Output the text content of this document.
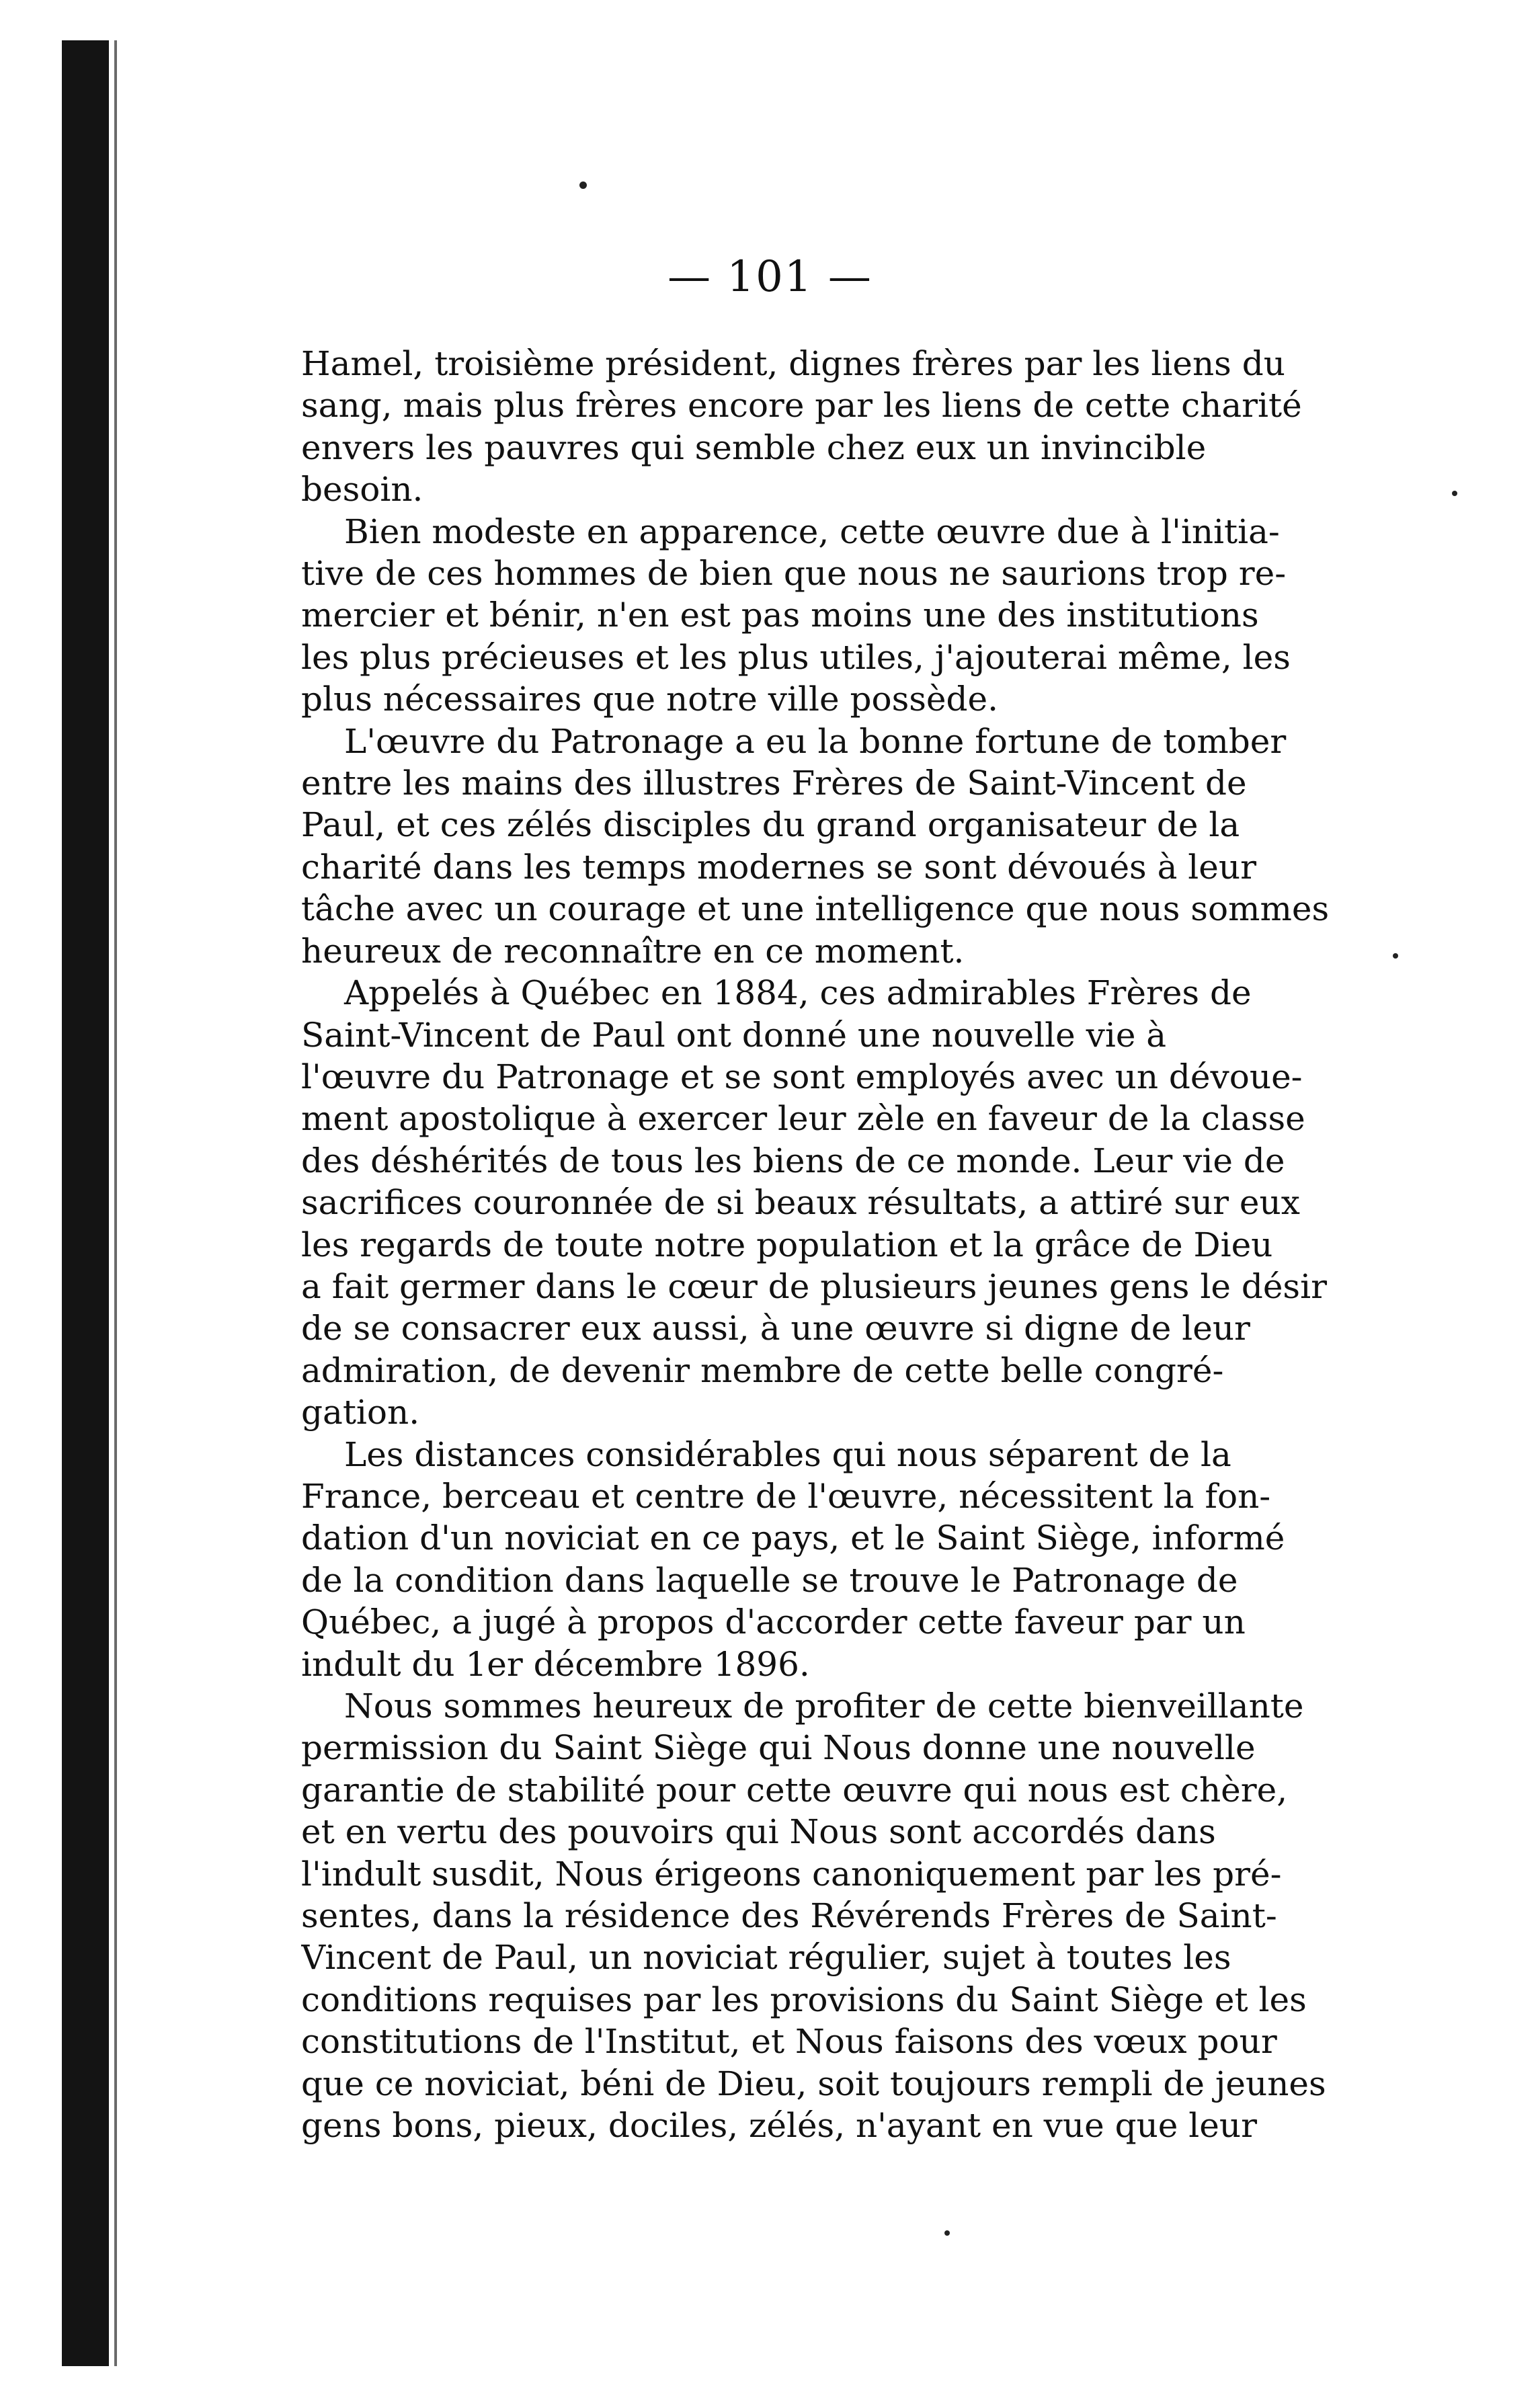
— 101 —

Hamel, troisième président, dignes frères par les liens du
sang, mais plus frères encore par les liens de cette charité
envers les pauvres qui semble chez eux un invincible
besoin.

Bien modeste en apparence, cette œuvre due à l'initia-
tive de ces hommes de bien que nous ne saurions trop re-
mercier et bénir, n'en est pas moins une des institutions
les plus précieuses et les plus utiles, j'ajouterai même, les
plus nécessaires que notre ville possède.

L'œuvre du Patronage a eu la bonne fortune de tomber
entre les mains des illustres Frères de Saint-Vincent de
Paul, et ces zélés disciples du grand organisateur de la
charité dans les temps modernes se sont dévoués à leur
tâche avec un courage et une intelligence que nous sommes
heureux de reconnaître en ce moment.

Appelés à Québec en 1884, ces admirables Frères de
Saint-Vincent de Paul ont donné une nouvelle vie à
l'œuvre du Patronage et se sont employés avec un dévoue-
ment apostolique à exercer leur zèle en faveur de la classe
des déshérités de tous les biens de ce monde. Leur vie de
sacrifices couronnée de si beaux résultats, a attiré sur eux
les regards de toute notre population et la grâce de Dieu
a fait germer dans le cœur de plusieurs jeunes gens le désir
de se consacrer eux aussi, à une œuvre si digne de leur
admiration, de devenir membre de cette belle congré-
gation.

Les distances considérables qui nous séparent de la
France, berceau et centre de l'œuvre, nécessitent la fon-
dation d'un noviciat en ce pays, et le Saint Siège, informé
de la condition dans laquelle se trouve le Patronage de
Québec, a jugé à propos d'accorder cette faveur par un
indult du 1er décembre 1896.

Nous sommes heureux de profiter de cette bienveillante
permission du Saint Siège qui Nous donne une nouvelle
garantie de stabilité pour cette œuvre qui nous est chère,
et en vertu des pouvoirs qui Nous sont accordés dans
l'indult susdit, Nous érigeons canoniquement par les pré-
sentes, dans la résidence des Révérends Frères de Saint-
Vincent de Paul, un noviciat régulier, sujet à toutes les
conditions requises par les provisions du Saint Siège et les
constitutions de l'Institut, et Nous faisons des vœux pour
que ce noviciat, béni de Dieu, soit toujours rempli de jeunes
gens bons, pieux, dociles, zélés, n'ayant en vue que leur
